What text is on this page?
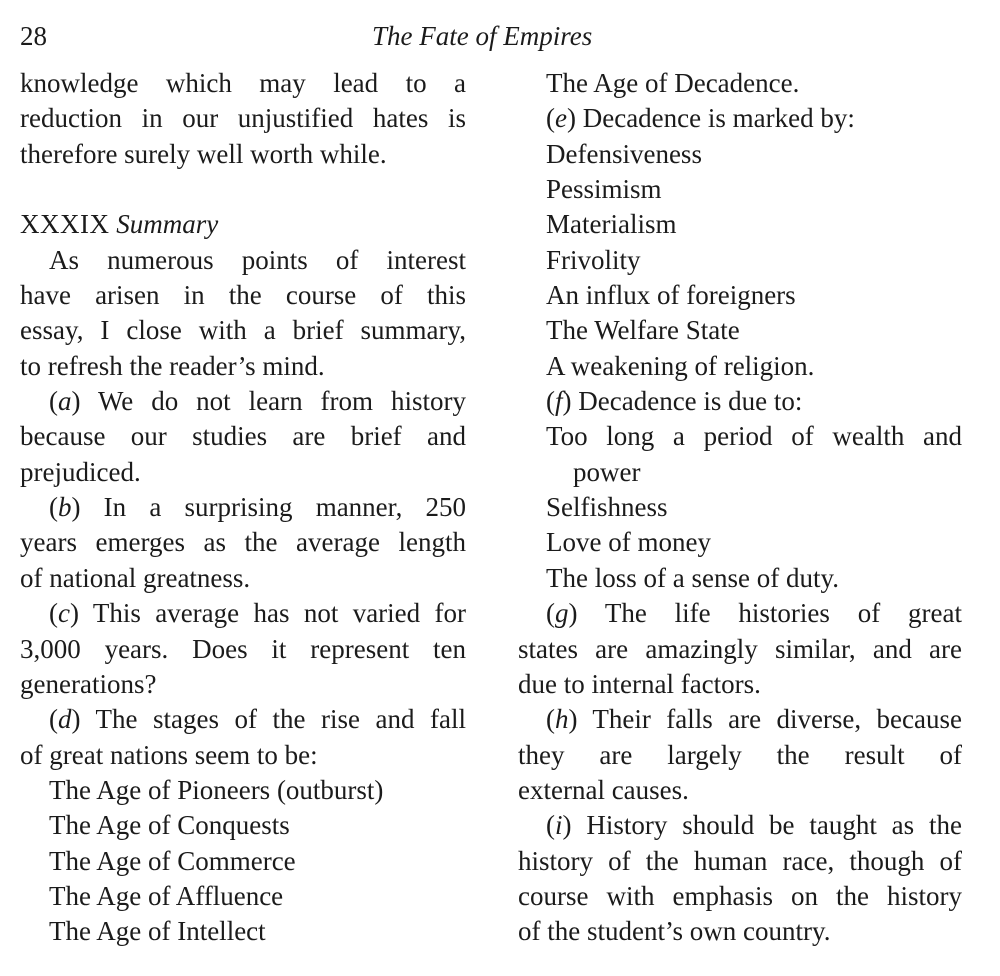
28	The Fate of Empires
knowledge which may lead to a
reduction in our unjustified hates is
therefore surely well worth while.
XXXIX Summary
As numerous points of interest
have arisen in the course of this
essay, I close with a brief summary,
to refresh the reader’s mind.
(a) We do not learn from history
because our studies are brief and
prejudiced.
(b) In a surprising manner, 250
years emerges as the average length
of national greatness.
(c) This average has not varied for
3,000 years. Does it represent ten
generations?
(d) The stages of the rise and fall
of great nations seem to be:
The Age of Pioneers (outburst)
The Age of Conquests
The Age of Commerce
The Age of Affluence
The Age of Intellect
The Age of Decadence.
(e) Decadence is marked by:
Defensiveness
Pessimism
Materialism
Frivolity
An influx of foreigners
The Welfare State
A weakening of religion.
(f) Decadence is due to:
Too long a period of wealth and
power
Selfishness
Love of money
The loss of a sense of duty.
(g) The life histories of great
states are amazingly similar, and are
due to internal factors.
(h) Their falls are diverse, because
they are largely the result of
external causes.
(i) History should be taught as the
history of the human race, though of
course with emphasis on the history
of the student’s own country.
